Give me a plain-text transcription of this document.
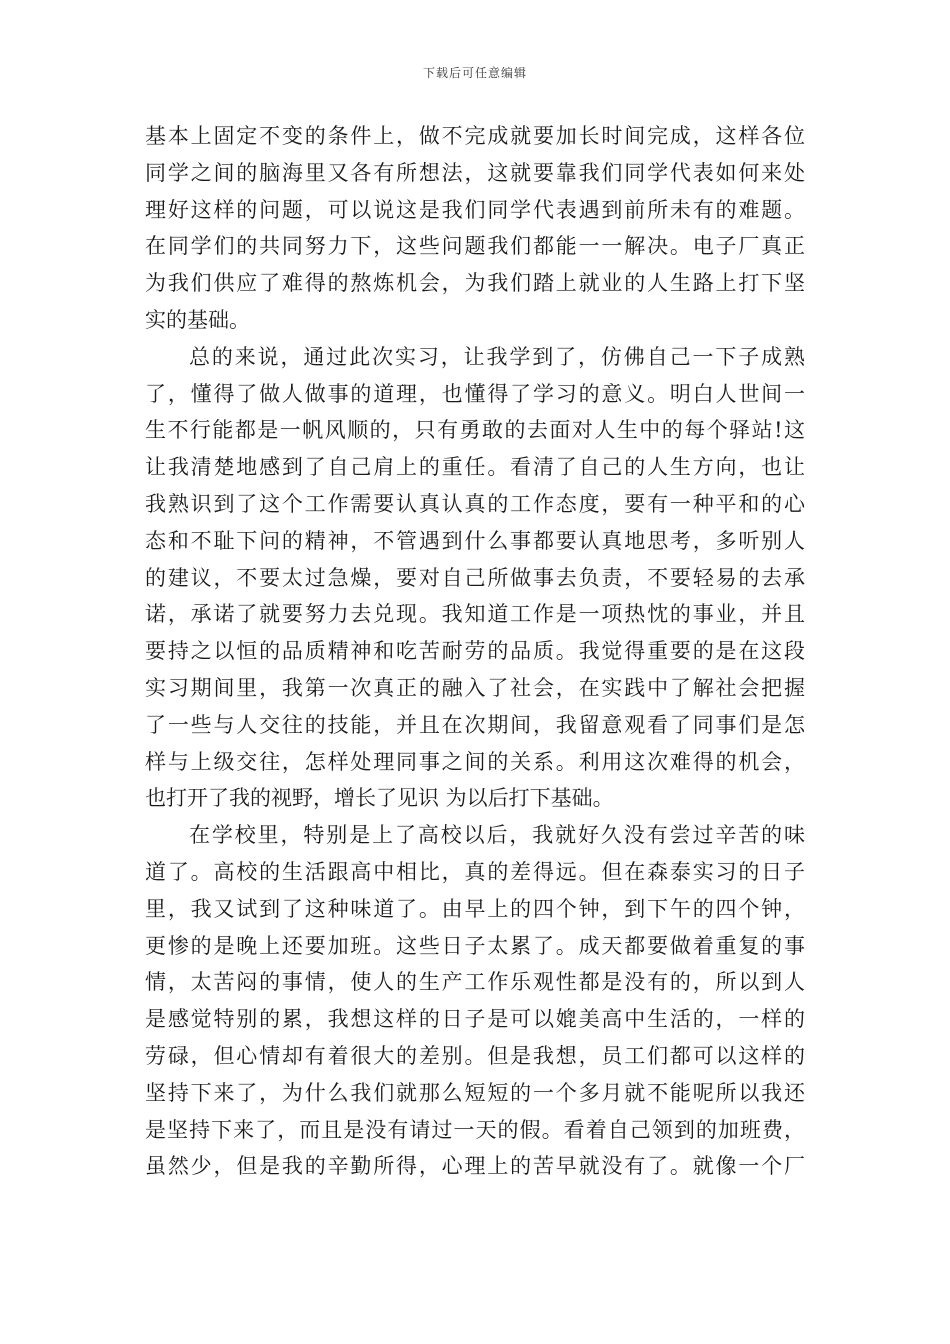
下载后可任意编辑
基本上固定不变的条件上，做不完成就要加长时间完成，这样各位
同学之间的脑海里又各有所想法，这就要靠我们同学代表如何来处
理好这样的问题，可以说这是我们同学代表遇到前所未有的难题。
在同学们的共同努力下，这些问题我们都能一一解决。电子厂真正
为我们供应了难得的熬炼机会，为我们踏上就业的人生路上打下坚
实的基础。
总的来说，通过此次实习，让我学到了，仿佛自己一下子成熟
了，懂得了做人做事的道理，也懂得了学习的意义。明白人世间一
生不行能都是一帆风顺的，只有勇敢的去面对人生中的每个驿站!这
让我清楚地感到了自己肩上的重任。看清了自己的人生方向，也让
我熟识到了这个工作需要认真认真的工作态度，要有一种平和的心
态和不耻下问的精神，不管遇到什么事都要认真地思考，多听别人
的建议，不要太过急燥，要对自己所做事去负责，不要轻易的去承
诺，承诺了就要努力去兑现。我知道工作是一项热忱的事业，并且
要持之以恒的品质精神和吃苦耐劳的品质。我觉得重要的是在这段
实习期间里，我第一次真正的融入了社会，在实践中了解社会把握
了一些与人交往的技能，并且在次期间，我留意观看了同事们是怎
样与上级交往，怎样处理同事之间的关系。利用这次难得的机会，
也打开了我的视野，增长了见识 为以后打下基础。
在学校里，特别是上了高校以后，我就好久没有尝过辛苦的味
道了。高校的生活跟高中相比，真的差得远。但在森泰实习的日子
里，我又试到了这种味道了。由早上的四个钟，到下午的四个钟，
更惨的是晚上还要加班。这些日子太累了。成天都要做着重复的事
情，太苦闷的事情，使人的生产工作乐观性都是没有的，所以到人
是感觉特别的累，我想这样的日子是可以媲美高中生活的，一样的
劳碌，但心情却有着很大的差别。但是我想，员工们都可以这样的
坚持下来了，为什么我们就那么短短的一个多月就不能呢所以我还
是坚持下来了，而且是没有请过一天的假。看着自己领到的加班费，
虽然少，但是我的辛勤所得，心理上的苦早就没有了。就像一个厂
